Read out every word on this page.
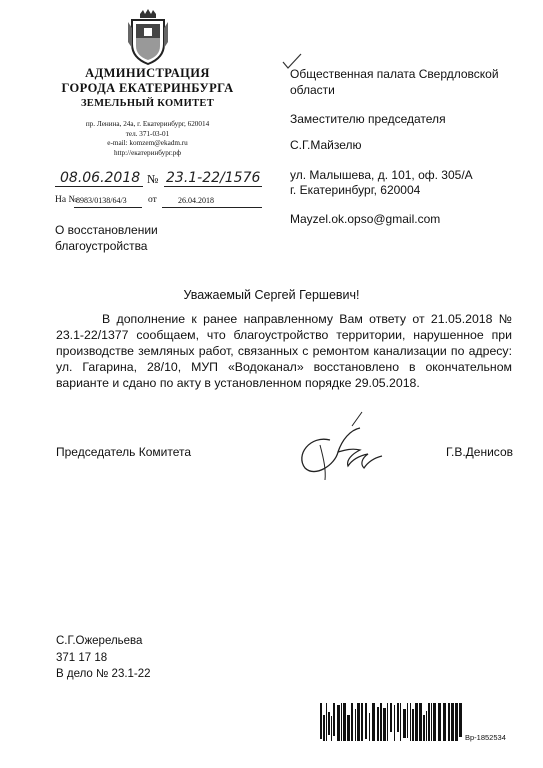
АДМИНИСТРАЦИЯ
ГОРОДА ЕКАТЕРИНБУРГА
ЗЕМЕЛЬНЫЙ КОМИТЕТ
пр. Ленина, 24а, г. Екатеринбург, 620014
тел. 371-03-01
e-mail: komzem@ekadm.ru
http://екатеринбург.рф
08.06.2018 № 23.1-22/1576
На №
8983/0138/64/3 от	26.04.2018
Общественная палата Свердловской
области
Заместителю председателя
С.Г.Майзелю
ул. Малышева, д. 101, оф. 305/А
г. Екатеринбург, 620004
Mayzel.ok.opso@gmail.com
О восстановлении
благоустройства
Уважаемый Сергей Гершевич!
В дополнение к ранее направленному Вам ответу от 21.05.2018 № 23.1-22/1377 сообщаем, что благоустройство территории, нарушенное при производстве земляных работ, связанных с ремонтом канализации по адресу: ул. Гагарина, 28/10, МУП «Водоканал» восстановлено в окончательном варианте и сдано по акту в установленном порядке 29.05.2018.
Председатель Комитета	Г.В.Денисов
С.Г.Ожерельева
371 17 18
В дело № 23.1-22
Вр-1852534
